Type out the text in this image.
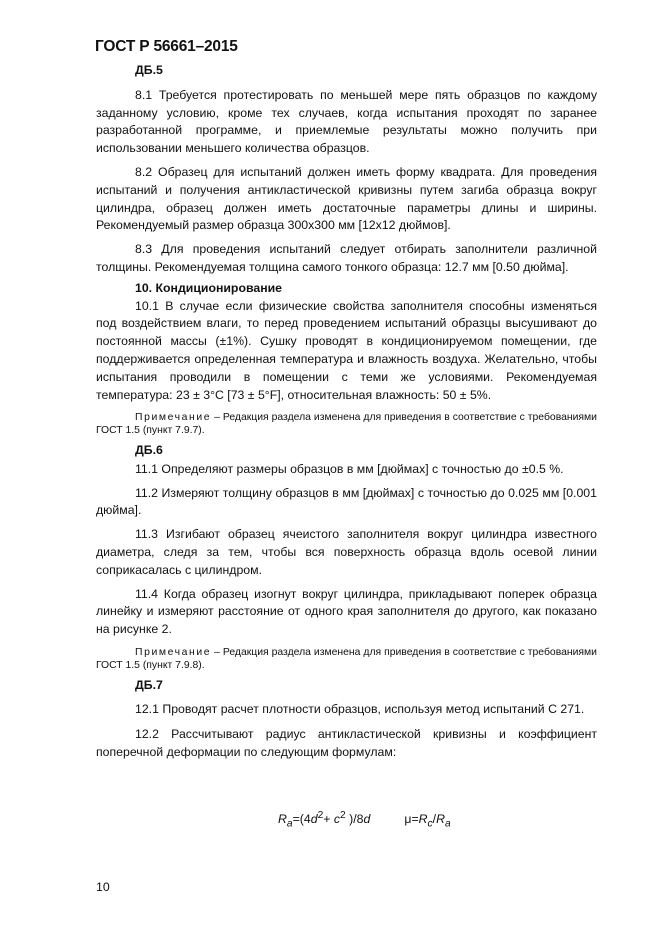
ГОСТ Р 56661–2015

ДБ.5

8.1 Требуется протестировать по меньшей мере пять образцов по каждому заданному условию, кроме тех случаев, когда испытания проходят по заранее разработанной программе, и приемлемые результаты можно получить при использовании меньшего количества образцов.

8.2 Образец для испытаний должен иметь форму квадрата. Для проведения испытаний и получения антикластической кривизны путем загиба образца вокруг цилиндра, образец должен иметь достаточные параметры длины и ширины. Рекомендуемый размер образца 300х300 мм [12х12 дюймов].

8.3 Для проведения испытаний следует отбирать заполнители различной толщины. Рекомендуемая толщина самого тонкого образца: 12.7 мм [0.50 дюйма].

10. Кондиционирование

10.1 В случае если физические свойства заполнителя способны изменяться под воздействием влаги, то перед проведением испытаний образцы высушивают до постоянной массы (±1%). Сушку проводят в кондиционируемом помещении, где поддерживается определенная температура и влажность воздуха. Желательно, чтобы испытания проводили в помещении с теми же условиями. Рекомендуемая температура: 23 ± 3°C [73 ± 5°F], относительная влажность: 50 ± 5%.

Примечание – Редакция раздела изменена для приведения в соответствие с требованиями ГОСТ 1.5 (пункт 7.9.7).

ДБ.6

11.1 Определяют размеры образцов в мм [дюймах] с точностью до ±0.5 %.

11.2 Измеряют толщину образцов в мм [дюймах] с точностью до 0.025 мм [0.001 дюйма].

11.3 Изгибают образец ячеистого заполнителя вокруг цилиндра известного диаметра, следя за тем, чтобы вся поверхность образца вдоль осевой линии соприкасалась с цилиндром.

11.4 Когда образец изогнут вокруг цилиндра, прикладывают поперек образца линейку и измеряют расстояние от одного края заполнителя до другого, как показано на рисунке 2.

Примечание – Редакция раздела изменена для приведения в соответствие с требованиями ГОСТ 1.5 (пункт 7.9.8).

ДБ.7

12.1 Проводят расчет плотности образцов, используя метод испытаний С 271.

12.2 Рассчитывают радиус антикластической кривизны и коэффициент поперечной деформации по следующим формулам:

$R_a=(4d^2+ c^2$ )/8d	$\mu=R_c/R_a$
10
